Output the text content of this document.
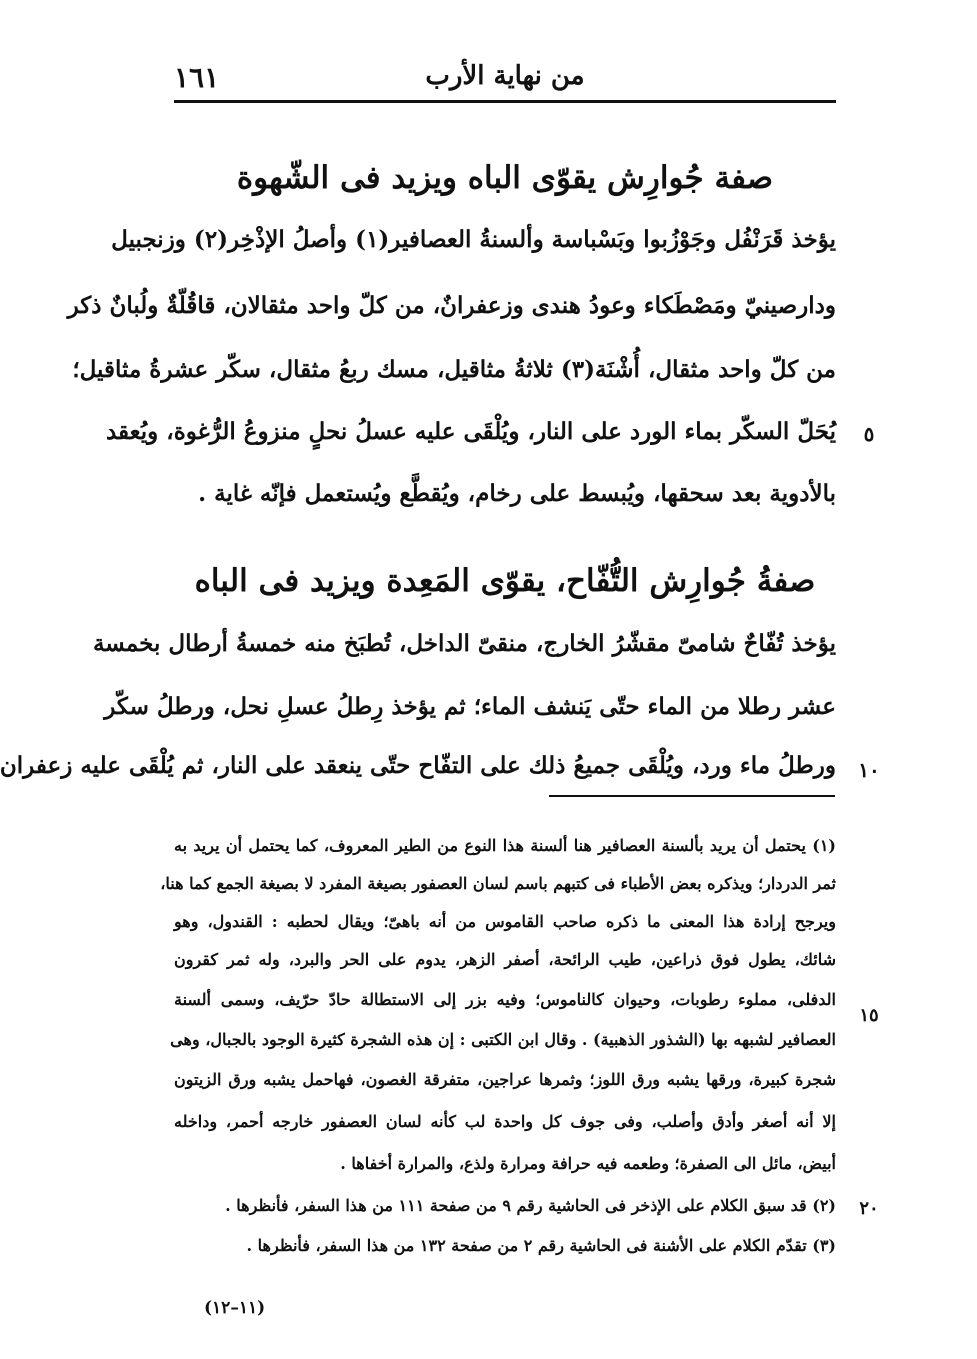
١٦١	من نهاية الأرب
صفة جُوارِش يقوّى الباه ويزيد فى الشّهوة
يؤخذ قَرَنْفُل وجَوْزُبوا وبَسْباسة وألسنةُ العصافير(١) وأصلُ الإذْخِر(٢) وزنجبيل
ودارصينيّ ومَصْطَكاء وعودُ هندى وزعفرانٌ، من كلّ واحد مثقالان، قاقُلّةٌ ولُبانٌ ذكر
من كلّ واحد مثقال، أُشْنَة(٣) ثلاثةُ مثاقيل، مسك ربعُ مثقال، سكّر عشرةُ مثاقيل؛
يُحَلّ السكّر بماء الورد على النار، ويُلْقَى عليه عسلُ نحلٍ منزوعُ الرُّغوة، ويُعقد
بالأدوية بعد سحقها، ويُبسط على رخام، ويُقطَّع ويُستعمل فإنّه غاية .
صفةُ جُوارِش التُّفّاح، يقوّى المَعِدة ويزيد فى الباه
يؤخذ تُفّاحٌ شامىّ مقشّرُ الخارج، منقىّ الداخل، تُطبَخ منه خمسةُ أرطال بخمسة
عشر رطلا من الماء حتّى يَنشف الماء؛ ثم يؤخذ رِطلُ عسلِ نحل، ورطلُ سكّر
ورطلُ ماء ورد، ويُلْقَى جميعُ ذلك على التفّاح حتّى ينعقد على النار، ثم يُلْقَى عليه زعفران
٥
١٠
١٥
٢٠
(١) يحتمل أن يريد بألسنة العصافير هنا ألسنة هذا النوع من الطير المعروف، كما يحتمل أن يريد به
ثمر الدردار؛ ويذكره بعض الأطباء فى كتبهم باسم لسان العصفور بصيغة المفرد لا بصيغة الجمع كما هنا،
ويرجح إرادة هذا المعنى ما ذكره صاحب القاموس من أنه باهىّ؛ ويقال لحطبه : القندول، وهو
شائك، يطول فوق ذراعين، طيب الرائحة، أصفر الزهر، يدوم على الحر والبرد، وله ثمر كقرون
الدفلى، مملوء رطوبات، وحيوان كالناموس؛ وفيه بزر إلى الاستطالة حادّ حرّيف، وسمى ألسنة
العصافير لشبهه بها (الشذور الذهبية) . وقال ابن الكتبى : إن هذه الشجرة كثيرة الوجود بالجبال، وهى
شجرة كبيرة، ورقها يشبه ورق اللوز؛ وثمرها عراجين، متفرقة الغصون، فهاحمل يشبه ورق الزيتون
إلا أنه أصغر وأدق وأصلب، وفى جوف كل واحدة لب كأنه لسان العصفور خارجه أحمر، وداخله
أبيض، مائل الى الصفرة؛ وطعمه فيه حرافة ومرارة ولذع، والمرارة أخفاها .
(٢) قد سبق الكلام على الإذخر فى الحاشية رقم ٩ من صفحة ١١١ من هذا السفر، فأنظرها .
(٣) تقدّم الكلام على الأشنة فى الحاشية رقم ٢ من صفحة ١٣٢ من هذا السفر، فأنظرها .
(١١–١٢)
